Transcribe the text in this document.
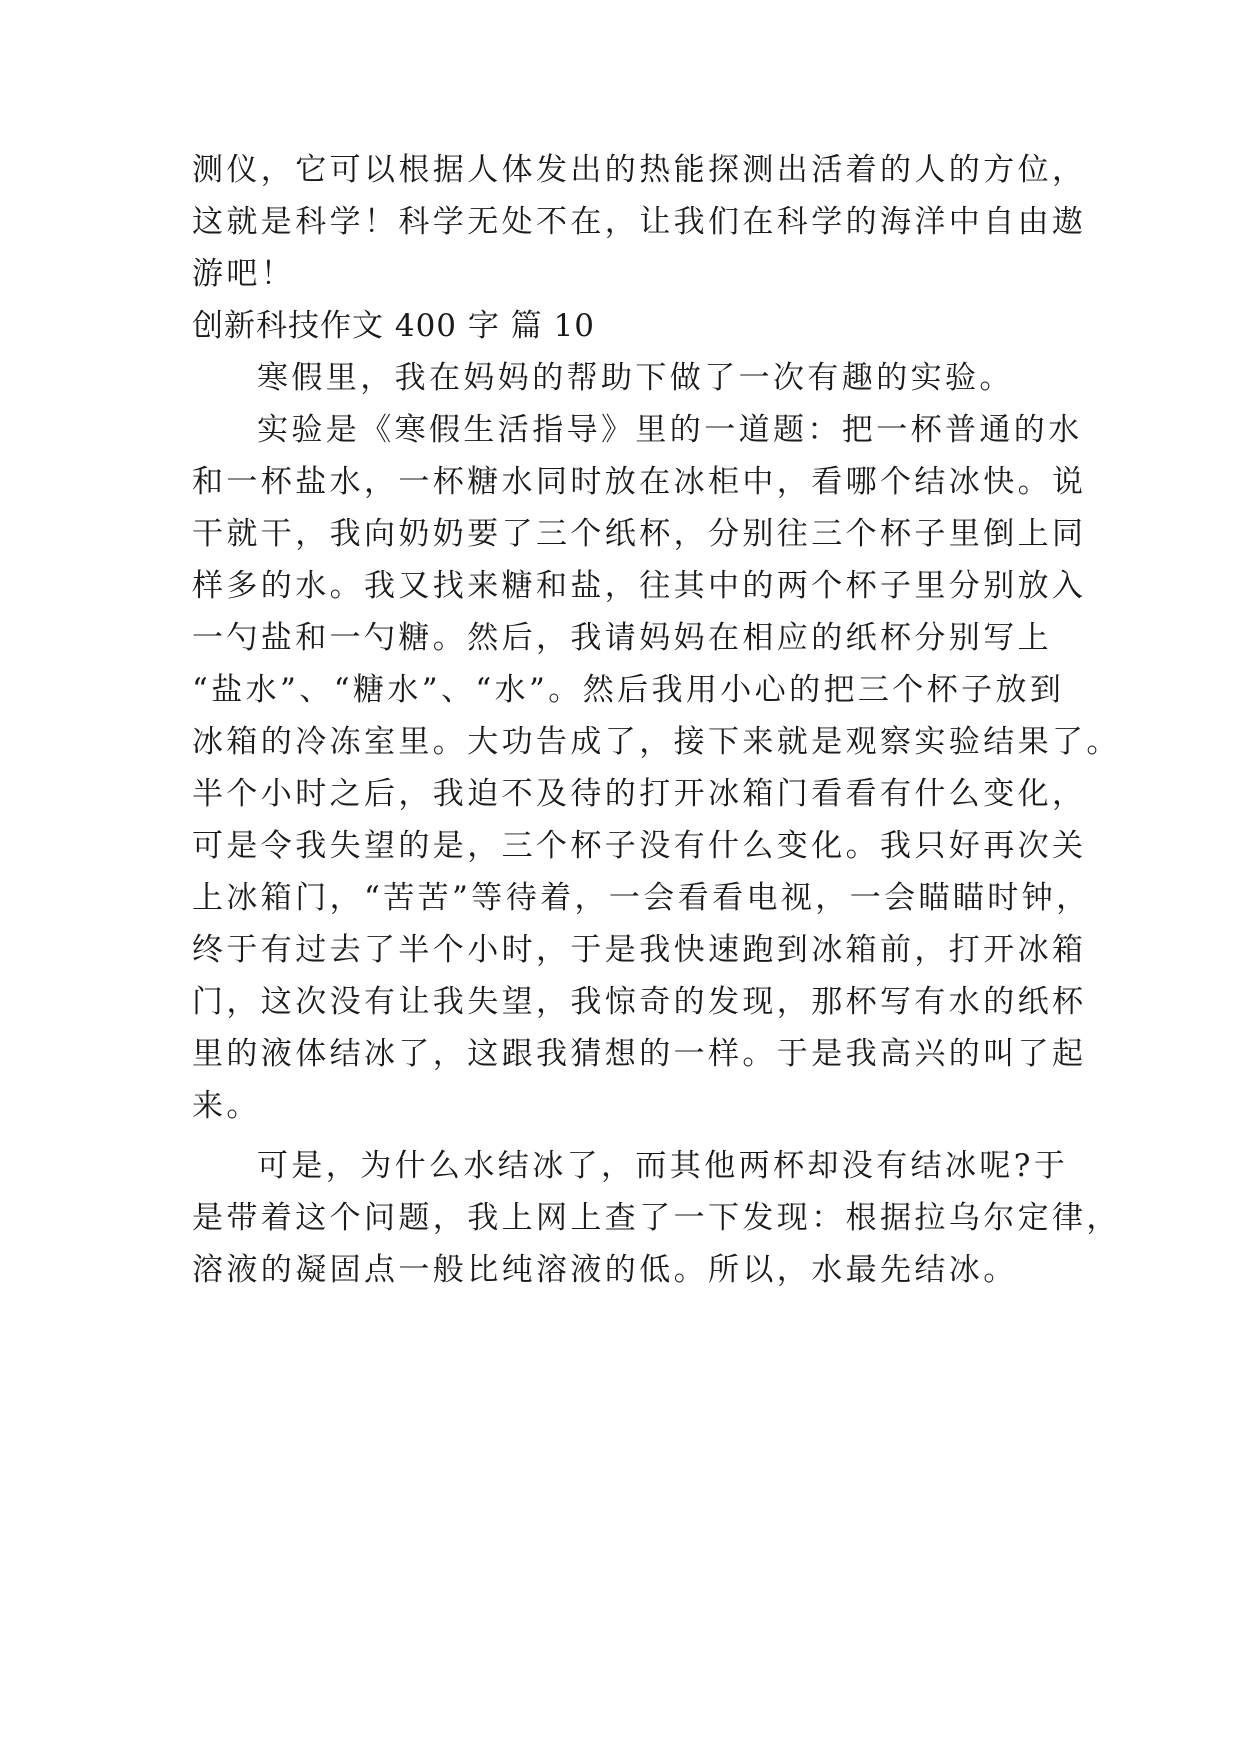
测仪，它可以根据人体发出的热能探测出活着的人的方位，
这就是科学！科学无处不在，让我们在科学的海洋中自由遨
游吧！
创新科技作文 400 字 篇 10
寒假里，我在妈妈的帮助下做了一次有趣的实验。
实验是《寒假生活指导》里的一道题：把一杯普通的水
和一杯盐水，一杯糖水同时放在冰柜中，看哪个结冰快。说
干就干，我向奶奶要了三个纸杯，分别往三个杯子里倒上同
样多的水。我又找来糖和盐，往其中的两个杯子里分别放入
一勺盐和一勺糖。然后，我请妈妈在相应的纸杯分别写上
“盐水”、“糖水”、“水”。然后我用小心的把三个杯子放到
冰箱的冷冻室里。大功告成了，接下来就是观察实验结果了。
半个小时之后，我迫不及待的打开冰箱门看看有什么变化，
可是令我失望的是，三个杯子没有什么变化。我只好再次关
上冰箱门，“苦苦”等待着，一会看看电视，一会瞄瞄时钟，
终于有过去了半个小时，于是我快速跑到冰箱前，打开冰箱
门，这次没有让我失望，我惊奇的发现，那杯写有水的纸杯
里的液体结冰了，这跟我猜想的一样。于是我高兴的叫了起
来。
可是，为什么水结冰了，而其他两杯却没有结冰呢?于
是带着这个问题，我上网上查了一下发现：根据拉乌尔定律，
溶液的凝固点一般比纯溶液的低。所以，水最先结冰。
